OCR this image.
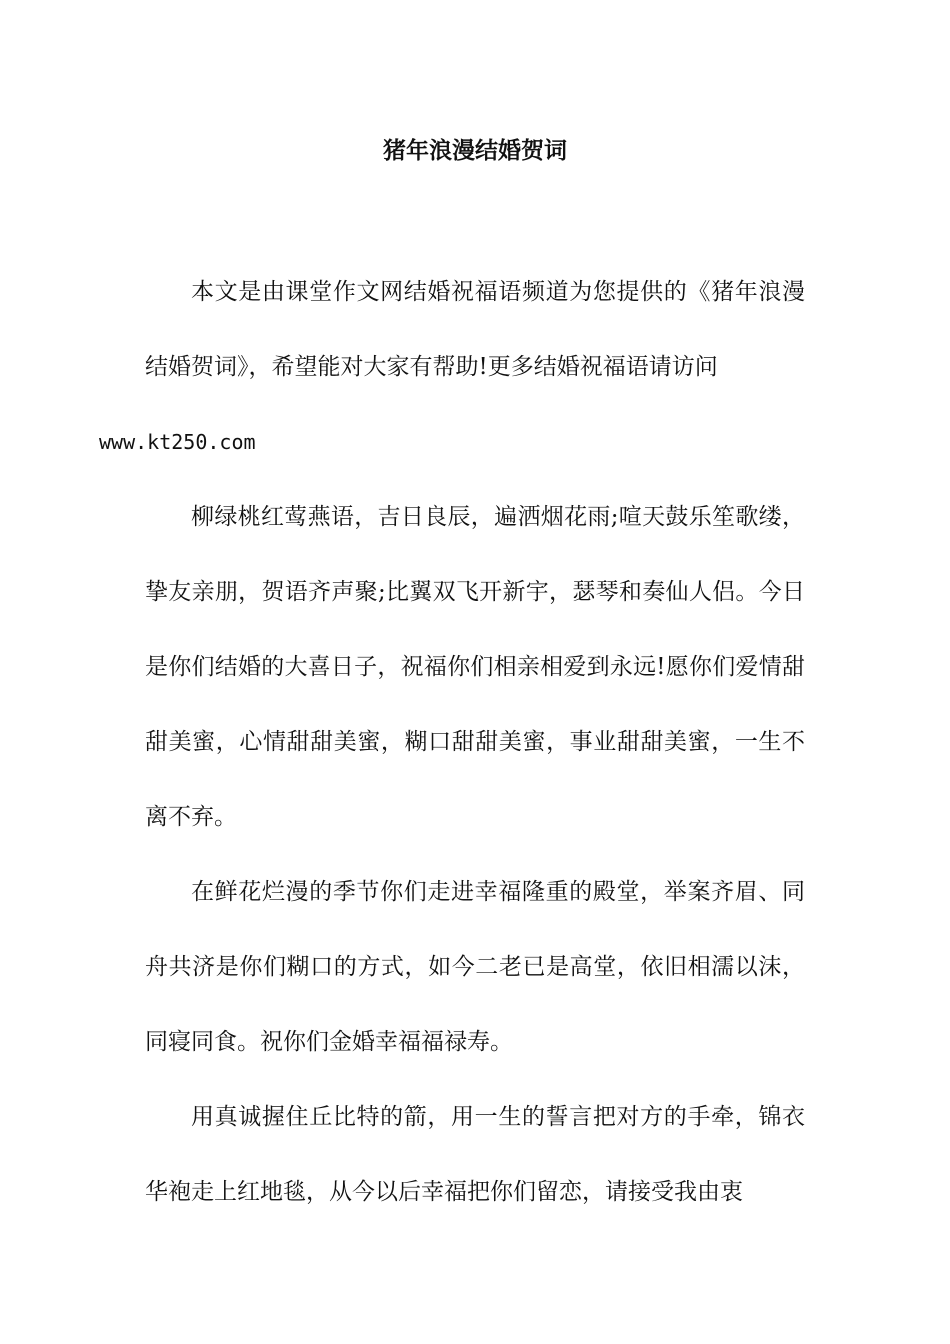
猪年浪漫结婚贺词

本文是由课堂作文网结婚祝福语频道为您提供的《猪年浪漫结婚贺词》，希望能对大家有帮助!更多结婚祝福语请访问
www.kt250.com

柳绿桃红莺燕语，吉日良辰，遍洒烟花雨;喧天鼓乐笙歌缕，挚友亲朋，贺语齐声聚;比翼双飞开新宇，瑟琴和奏仙人侣。今日是你们结婚的大喜日子，祝福你们相亲相爱到永远!愿你们爱情甜甜美蜜，心情甜甜美蜜，糊口甜甜美蜜，事业甜甜美蜜，一生不离不弃。

在鲜花烂漫的季节你们走进幸福隆重的殿堂，举案齐眉、同舟共济是你们糊口的方式，如今二老已是高堂，依旧相濡以沫，同寝同食。祝你们金婚幸福福禄寿。

用真诚握住丘比特的箭，用一生的誓言把对方的手牵，锦衣华袍走上红地毯，从今以后幸福把你们留恋，请接受我由衷
